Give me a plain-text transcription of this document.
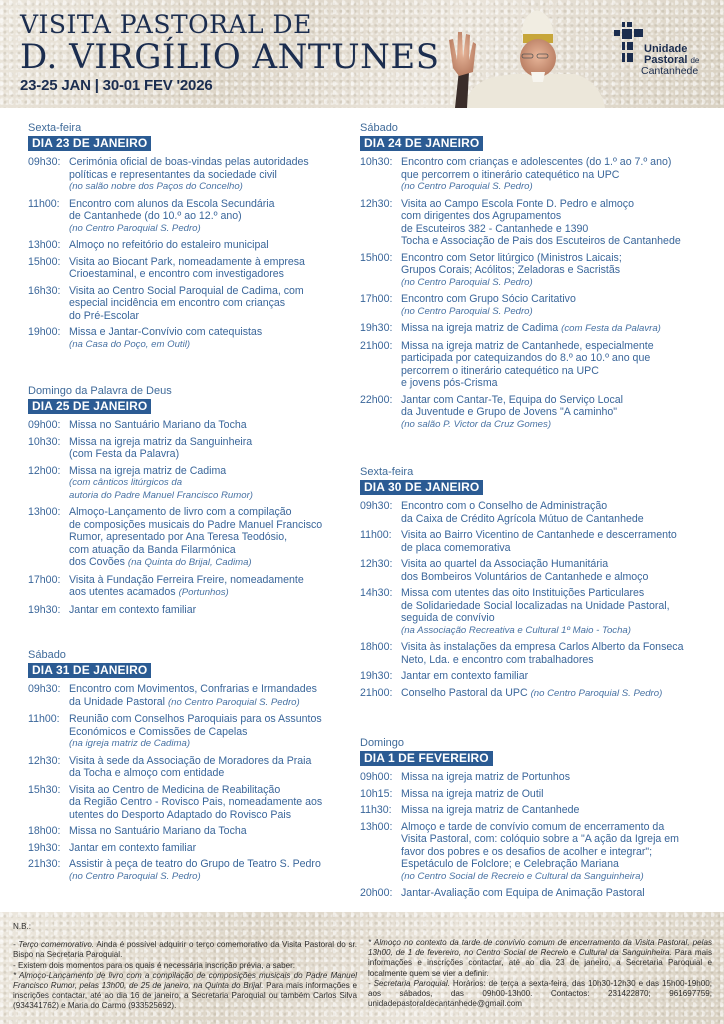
VISITA PASTORAL DE
D. VIRGÍLIO ANTUNES
23-25 JAN | 30-01 FEV '2026
Unidade
Pastoral de
Cantanhede
Sexta-feira
DIA 23 DE JANEIRO
09h30: Cerimónia oficial de boas-vindas pelas autoridades
políticas e representantes da sociedade civil
(no salão nobre dos Paços do Concelho)
11h00: Encontro com alunos da Escola Secundária
de Cantanhede (do 10.º ao 12.º ano)
(no Centro Paroquial S. Pedro)
13h00: Almoço no refeitório do estaleiro municipal
15h00: Visita ao Biocant Park, nomeadamente à empresa
Crioestaminal, e encontro com investigadores
16h30: Visita ao Centro Social Paroquial de Cadima, com
especial incidência em encontro com crianças
do Pré-Escolar
19h00: Missa e Jantar-Convívio com catequistas
(na Casa do Poço, em Outil)
Domingo da Palavra de Deus
DIA 25 DE JANEIRO
09h00: Missa no Santuário Mariano da Tocha
10h30: Missa na igreja matriz da Sanguinheira
(com Festa da Palavra)
12h00: Missa na igreja matriz de Cadima
(com cânticos litúrgicos da
autoria do Padre Manuel Francisco Rumor)
13h00: Almoço-Lançamento de livro com a compilação
de composições musicais do Padre Manuel Francisco
Rumor, apresentado por Ana Teresa Teodósio,
com atuação da Banda Filarmónica
dos Covões (na Quinta do Brijal, Cadima)
17h00: Visita à Fundação Ferreira Freire, nomeadamente
aos utentes acamados (Portunhos)
19h30: Jantar em contexto familiar
Sábado
DIA 31 DE JANEIRO
09h30: Encontro com Movimentos, Confrarias e Irmandades
da Unidade Pastoral (no Centro Paroquial S. Pedro)
11h00: Reunião com Conselhos Paroquiais para os Assuntos
Económicos e Comissões de Capelas
(na igreja matriz de Cadima)
12h30: Visita à sede da Associação de Moradores da Praia
da Tocha e almoço com entidade
15h30: Visita ao Centro de Medicina de Reabilitação
da Região Centro - Rovisco Pais, nomeadamente aos
utentes do Desporto Adaptado do Rovisco Pais
18h00: Missa no Santuário Mariano da Tocha
19h30: Jantar em contexto familiar
21h30: Assistir à peça de teatro do Grupo de Teatro S. Pedro
(no Centro Paroquial S. Pedro)
Sábado
DIA 24 DE JANEIRO
10h30: Encontro com crianças e adolescentes (do 1.º ao 7.º ano)
que percorrem o itinerário catequético na UPC
(no Centro Paroquial S. Pedro)
12h30: Visita ao Campo Escola Fonte D. Pedro e almoço
com dirigentes dos Agrupamentos
de Escuteiros 382 - Cantanhede e 1390
Tocha e Associação de Pais dos Escuteiros de Cantanhede
15h00: Encontro com Setor litúrgico (Ministros Laicais;
Grupos Corais; Acólitos; Zeladoras e Sacristãs
(no Centro Paroquial S. Pedro)
17h00: Encontro com Grupo Sócio Caritativo
(no Centro Paroquial S. Pedro)
19h30: Missa na igreja matriz de Cadima (com Festa da Palavra)
21h00: Missa na igreja matriz de Cantanhede, especialmente
participada por catequizandos do 8.º ao 10.º ano que
percorrem o itinerário catequético na UPC
e jovens pós-Crisma
22h00: Jantar com Cantar-Te, Equipa do Serviço Local
da Juventude e Grupo de Jovens "A caminho"
(no salão P. Victor da Cruz Gomes)
Sexta-feira
DIA 30 DE JANEIRO
09h30: Encontro com o Conselho de Administração
da Caixa de Crédito Agrícola Mútuo de Cantanhede
11h00: Visita ao Bairro Vicentino de Cantanhede e descerramento
de placa comemorativa
12h30: Visita ao quartel da Associação Humanitária
dos Bombeiros Voluntários de Cantanhede e almoço
14h30: Missa com utentes das oito Instituições Particulares
de Solidariedade Social localizadas na Unidade Pastoral,
seguida de convívio
(na Associação Recreativa e Cultural 1º Maio - Tocha)
18h00: Visita às instalações da empresa Carlos Alberto da Fonseca
Neto, Lda. e encontro com trabalhadores
19h30: Jantar em contexto familiar
21h00: Conselho Pastoral da UPC (no Centro Paroquial S. Pedro)
Domingo
DIA 1 DE FEVEREIRO
09h00: Missa na igreja matriz de Portunhos
10h15: Missa na igreja matriz de Outil
11h30: Missa na igreja matriz de Cantanhede
13h00: Almoço e tarde de convívio comum de encerramento da
Visita Pastoral, com: colóquio sobre a "A ação da Igreja em
favor dos pobres e os desafios de acolher e integrar";
Espetáculo de Folclore; e Celebração Mariana
(no Centro Social de Recreio e Cultural da Sanguinheira)
20h00: Jantar-Avaliação com Equipa de Animação Pastoral
N.B.:
- Terço comemorativo. Ainda é possível adquirir o terço comemorativo da Visita Pastoral do sr. Bispo na Secretaria Paroquial.
- Existem dois momentos para os quais é necessária inscrição prévia, a saber:
* Almoço-Lançamento de livro com a compilação de composições musicais do Padre Manuel Francisco Rumor, pelas 13h00, de 25 de janeiro, na Quinta do Brijal. Para mais informações e inscrições contactar, até ao dia 16 de janeiro, a Secretaria Paroquial ou também Carlos Silva (934341762) e Maria do Carmo (933525692).
* Almoço no contexto da tarde de convívio comum de encerramento da Visita Pastoral, pelas 13h00, de 1 de fevereiro, no Centro Social de Recreio e Cultural da Sanguinheira. Para mais informações e inscrições contactar, até ao dia 23 de janeiro, a Secretaria Paroquial e localmente quem se vier a definir.
- Secretaria Paroquial. Horários: de terça a sexta-feira, das 10h30-12h30 e das 15h00-19h00; aos sábados, das 09h00-13h00. Contactos: 231422870; 961697759; unidadepastoraldecantanhede@gmail.com
